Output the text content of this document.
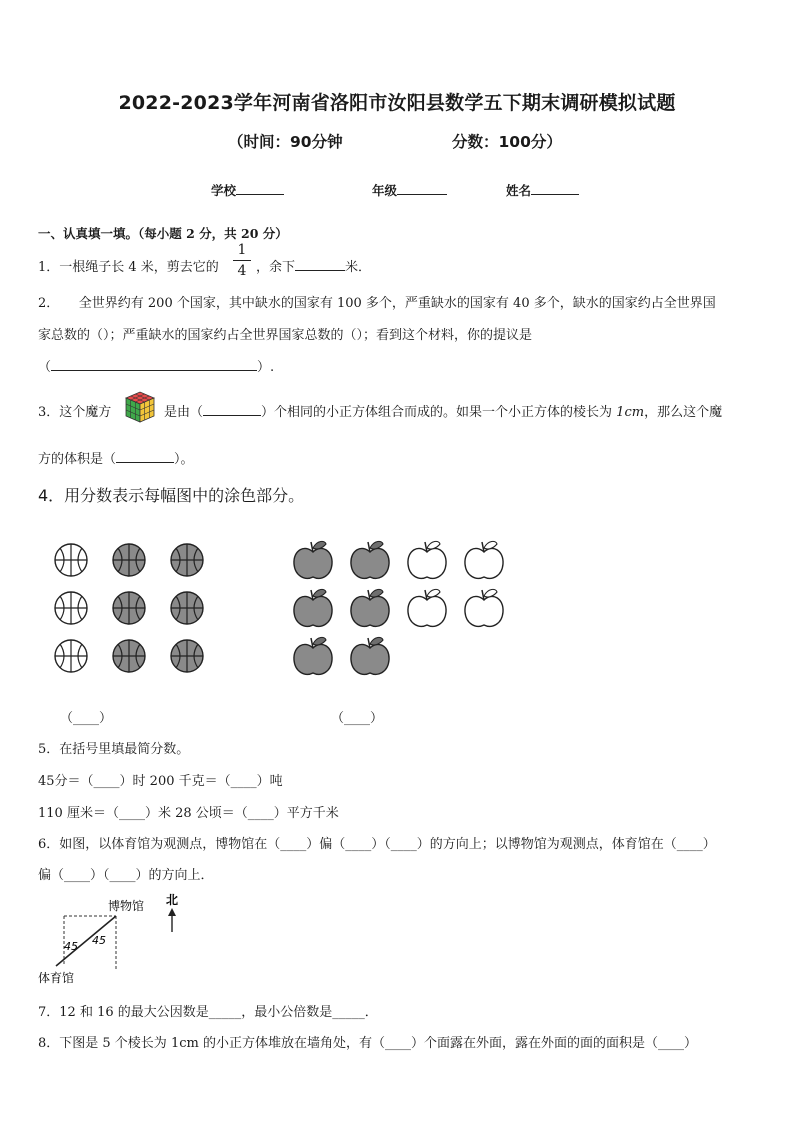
2022-2023学年河南省洛阳市汝阳县数学五下期末调研模拟试题
（时间：90分钟	分数：100分）
学校	年级	姓名
一、认真填一填。（每小题 2 分，共 20 分）
1．一根绳子长 4 米，剪去它的
1
4 ，余下	米．
2．　　全世界约有 200 个国家，其中缺水的国家有 100 多个，严重缺水的国家有 40 多个，缺水的国家约占全世界国
家总数的（）；严重缺水的国家约占全世界国家总数的（）；看到这个材料，你的提议是
（	）.
3．这个魔方	是由（	）个相同的小正方体组合而成的。如果一个小正方体的棱长为 1cm，那么这个魔
方的体积是（	）。
4．用分数表示每幅图中的涂色部分。
（____）	（____）
5．在括号里填最简分数。
45分＝（____）时 200 千克＝（____）吨
110 厘米＝（____）米 28 公顷＝（____）平方千米
6．如图，以体育馆为观测点，博物馆在（____）偏（____）（____）的方向上；以博物馆为观测点，体育馆在（____）
偏（____）（____）的方向上．
博物馆
45 45
北
体育馆
7．12 和 16 的最大公因数是_____，最小公倍数是_____．
8．下图是 5 个棱长为 1cm 的小正方体堆放在墙角处，有（____）个面露在外面，露在外面的面的面积是（____）
